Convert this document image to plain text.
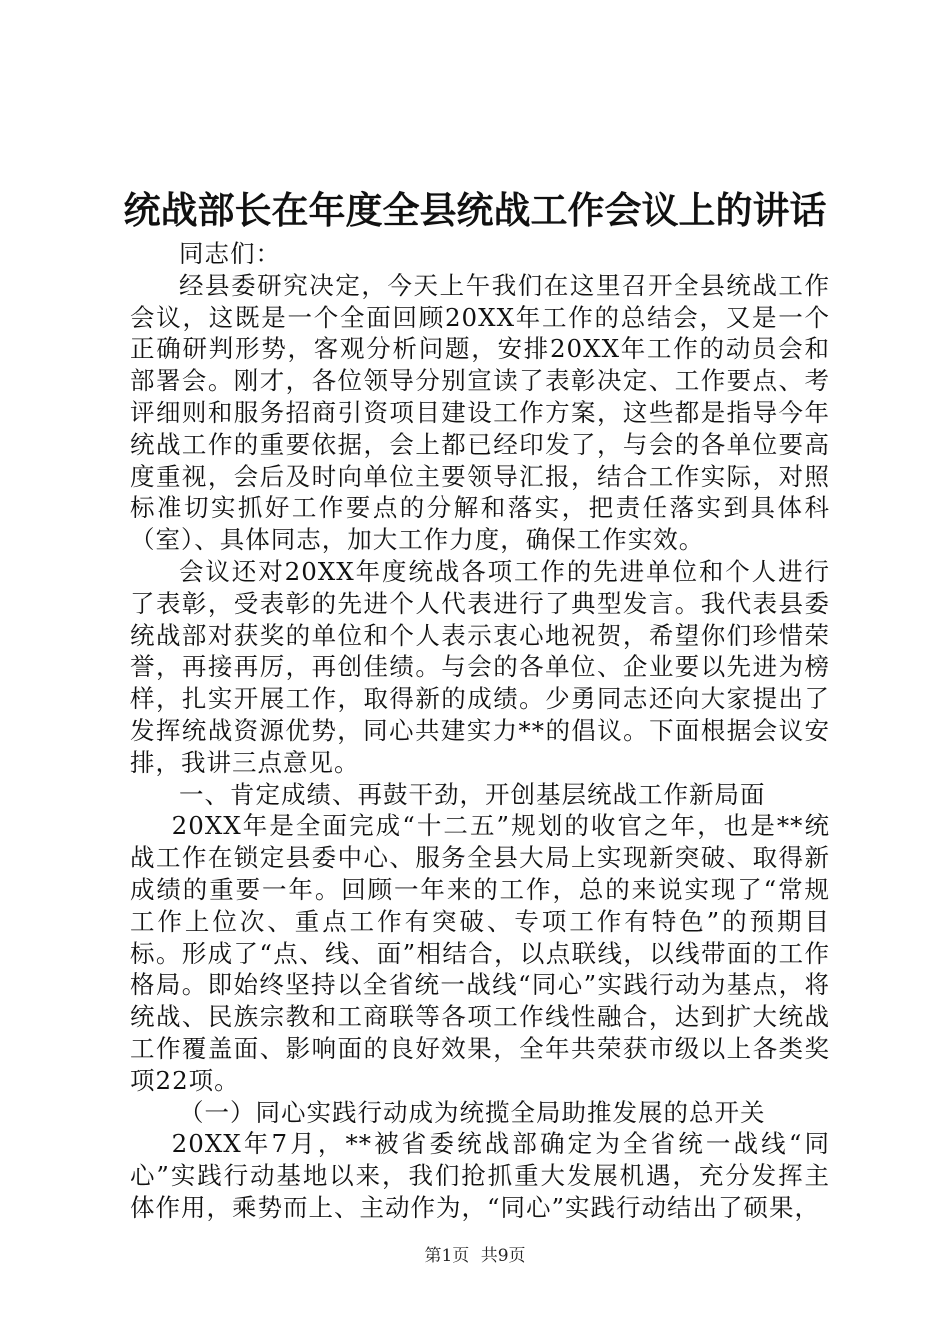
统战部长在年度全县统战工作会议上的讲话

同志们：

经县委研究决定，今天上午我们在这里召开全县统战工作会议，这既是一个全面回顾20XX年工作的总结会，又是一个正确研判形势，客观分析问题，安排20XX年工作的动员会和部署会。刚才，各位领导分别宣读了表彰决定、工作要点、考评细则和服务招商引资项目建设工作方案，这些都是指导今年统战工作的重要依据，会上都已经印发了，与会的各单位要高度重视，会后及时向单位主要领导汇报，结合工作实际，对照标准切实抓好工作要点的分解和落实，把责任落实到具体科（室）、具体同志，加大工作力度，确保工作实效。

会议还对20XX年度统战各项工作的先进单位和个人进行了表彰，受表彰的先进个人代表进行了典型发言。我代表县委统战部对获奖的单位和个人表示衷心地祝贺，希望你们珍惜荣誉，再接再厉，再创佳绩。与会的各单位、企业要以先进为榜样，扎实开展工作，取得新的成绩。少勇同志还向大家提出了发挥统战资源优势，同心共建实力**的倡议。下面根据会议安排，我讲三点意见。

一、肯定成绩、再鼓干劲，开创基层统战工作新局面

20XX年是全面完成“十二五”规划的收官之年，也是**统战工作在锁定县委中心、服务全县大局上实现新突破、取得新成绩的重要一年。回顾一年来的工作，总的来说实现了“常规工作上位次、重点工作有突破、专项工作有特色”的预期目标。形成了“点、线、面”相结合，以点联线，以线带面的工作格局。即始终坚持以全省统一战线“同心”实践行动为基点，将统战、民族宗教和工商联等各项工作线性融合，达到扩大统战工作覆盖面、影响面的良好效果，全年共荣获市级以上各类奖项22项。

（一）同心实践行动成为统揽全局助推发展的总开关

20XX年7月，**被省委统战部确定为全省统一战线“同心”实践行动基地以来，我们抢抓重大发展机遇，充分发挥主体作用，乘势而上、主动作为，“同心”实践行动结出了硕果，

第1页 共9页
